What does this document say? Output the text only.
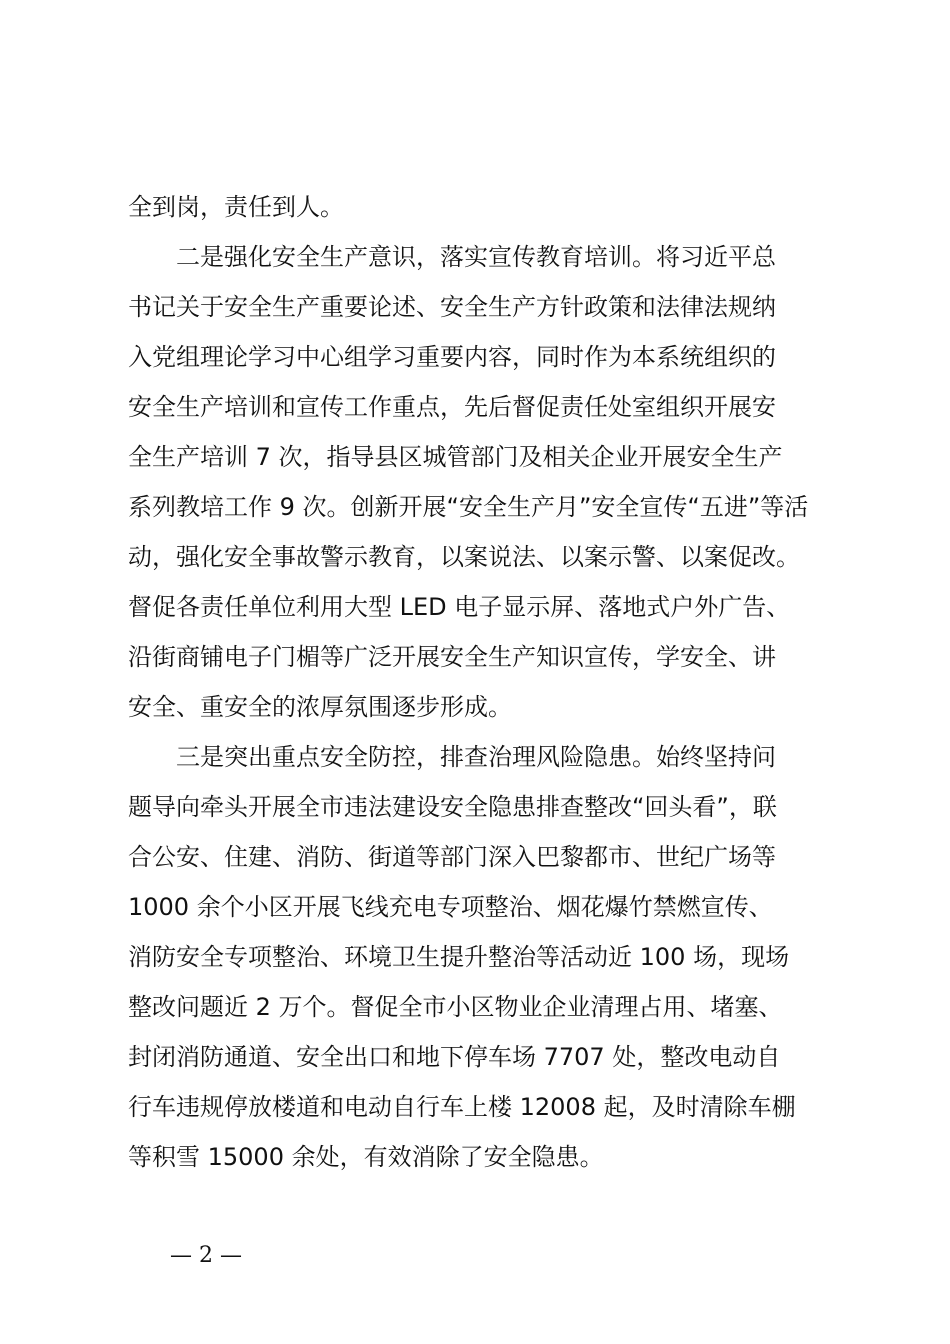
全到岗，责任到人。
二是强化安全生产意识，落实宣传教育培训。将习近平总
书记关于安全生产重要论述、安全生产方针政策和法律法规纳
入党组理论学习中心组学习重要内容，同时作为本系统组织的
安全生产培训和宣传工作重点，先后督促责任处室组织开展安
全生产培训 7 次，指导县区城管部门及相关企业开展安全生产
系列教培工作 9 次。创新开展“安全生产月”安全宣传“五进”等活
动，强化安全事故警示教育，以案说法、以案示警、以案促改。
督促各责任单位利用大型 LED 电子显示屏、落地式户外广告、
沿街商铺电子门楣等广泛开展安全生产知识宣传，学安全、讲
安全、重安全的浓厚氛围逐步形成。
三是突出重点安全防控，排查治理风险隐患。始终坚持问
题导向牵头开展全市违法建设安全隐患排查整改“回头看”，联
合公安、住建、消防、街道等部门深入巴黎都市、世纪广场等
1000 余个小区开展飞线充电专项整治、烟花爆竹禁燃宣传、
消防安全专项整治、环境卫生提升整治等活动近 100 场，现场
整改问题近 2 万个。督促全市小区物业企业清理占用、堵塞、
封闭消防通道、安全出口和地下停车场 7707 处，整改电动自
行车违规停放楼道和电动自行车上楼 12008 起，及时清除车棚
等积雪 15000 余处，有效消除了安全隐患。
— 2 —
